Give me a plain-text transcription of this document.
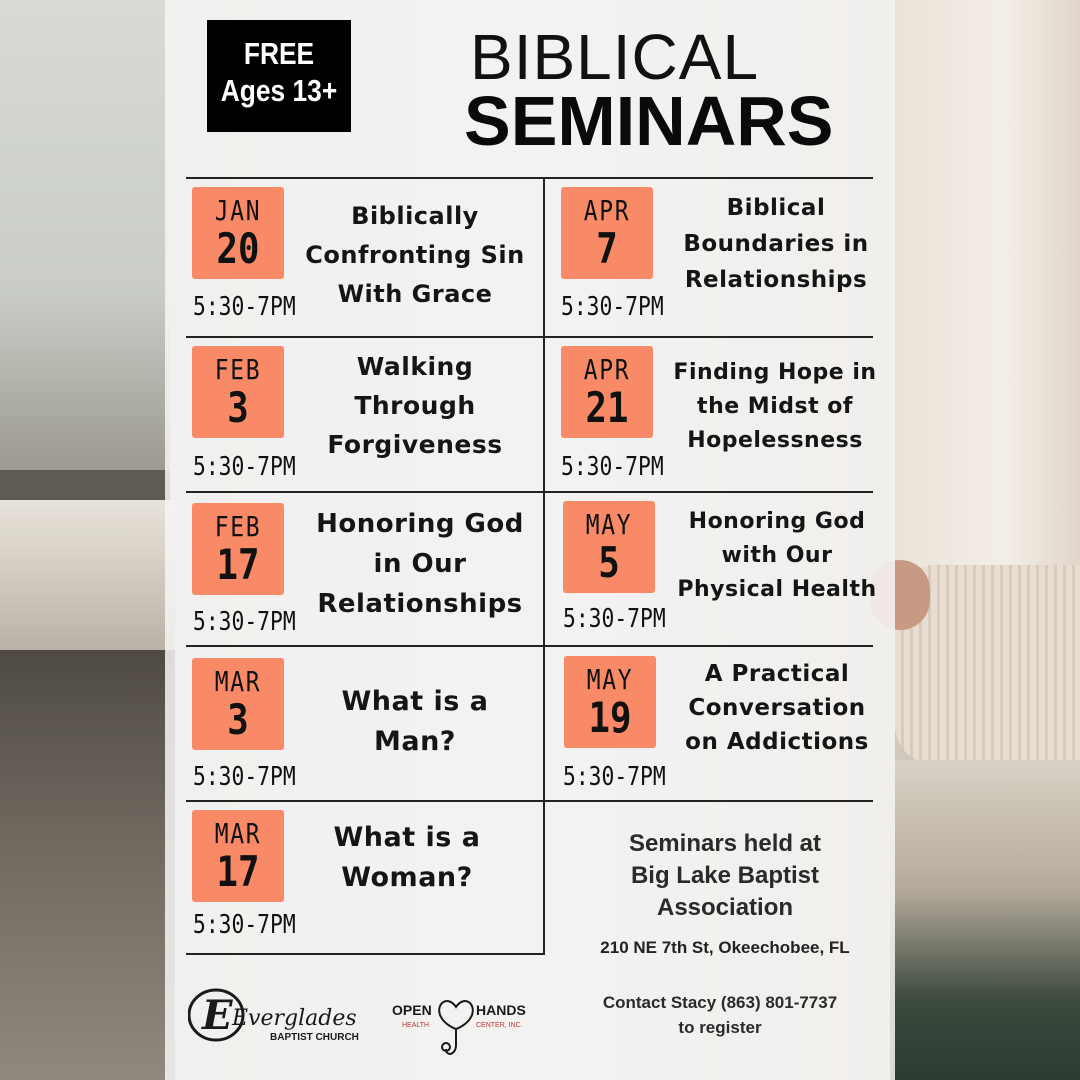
FREE
Ages 13+ BIBLICAL
SEMINARS
JAN
20
5:30-7PM
Biblically
Confronting Sin
With Grace
FEB
3
5:30-7PM
Walking
Through
Forgiveness
FEB
17
5:30-7PM
Honoring God
in Our
Relationships
MAR
3
5:30-7PM
What is a
Man?
MAR
17
5:30-7PM
What is a
Woman?
APR
7
5:30-7PM
Biblical
Boundaries in
Relationships
APR
21
5:30-7PM
Finding Hope in
the Midst of
Hopelessness
MAY
5
5:30-7PM
Honoring God
with Our
Physical Health
MAY
19
5:30-7PM
A Practical
Conversation
on Addictions
Seminars held at
Big Lake Baptist
Association
210 NE 7th St, Okeechobee, FL
Contact Stacy (863) 801-7737
to register
E Everglades
BAPTIST CHURCH
OPEN	HANDS
HEALTH	CENTER, INC.
